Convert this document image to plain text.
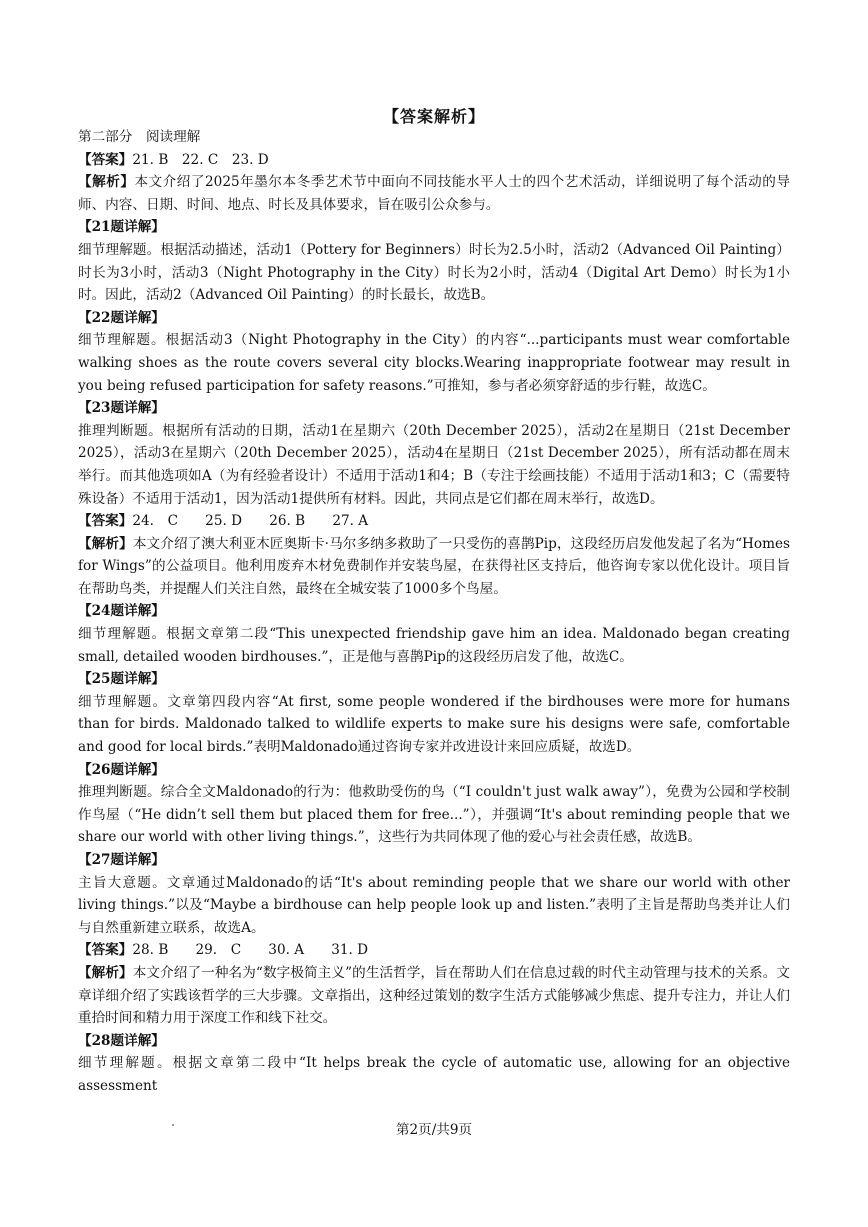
【答案解析】

第二部分　阅读理解

【答案】21. B　22. C　23. D

【解析】本文介绍了2025年墨尔本冬季艺术节中面向不同技能水平人士的四个艺术活动，详细说明了每个活动的导师、内容、日期、时间、地点、时长及具体要求，旨在吸引公众参与。

【21题详解】

细节理解题。根据活动描述，活动1（Pottery for Beginners）时长为2.5小时，活动2（Advanced Oil Painting）时长为3小时，活动3（Night Photography in the City）时长为2小时，活动4（Digital Art Demo）时长为1小时。因此，活动2（Advanced Oil Painting）的时长最长，故选B。

【22题详解】

细节理解题。根据活动3（Night Photography in the City）的内容“...participants must wear comfortable walking shoes as the route covers several city blocks.Wearing inappropriate footwear may result in you being refused participation for safety reasons.”可推知，参与者必须穿舒适的步行鞋，故选C。

【23题详解】

推理判断题。根据所有活动的日期，活动1在星期六（20th December 2025），活动2在星期日（21st December 2025），活动3在星期六（20th December 2025），活动4在星期日（21st December 2025），所有活动都在周末举行。而其他选项如A（为有经验者设计）不适用于活动1和4；B（专注于绘画技能）不适用于活动1和3；C（需要特殊设备）不适用于活动1，因为活动1提供所有材料。因此，共同点是它们都在周末举行，故选D。

【答案】24.　C　　25. D　　26. B　　27. A

【解析】本文介绍了澳大利亚木匠奥斯卡·马尔多纳多救助了一只受伤的喜鹊Pip，这段经历启发他发起了名为“Homes for Wings”的公益项目。他利用废弃木材免费制作并安装鸟屋，在获得社区支持后，他咨询专家以优化设计。项目旨在帮助鸟类，并提醒人们关注自然，最终在全城安装了1000多个鸟屋。

【24题详解】

细节理解题。根据文章第二段“This unexpected friendship gave him an idea. Maldonado began creating small, detailed wooden birdhouses.”，正是他与喜鹊Pip的这段经历启发了他，故选C。

【25题详解】

细节理解题。文章第四段内容“At first, some people wondered if the birdhouses were more for humans than for birds. Maldonado talked to wildlife experts to make sure his designs were safe, comfortable and good for local birds.”表明Maldonado通过咨询专家并改进设计来回应质疑，故选D。

【26题详解】

推理判断题。综合全文Maldonado的行为：他救助受伤的鸟（“I couldn't just walk away”），免费为公园和学校制作鸟屋（“He didn’t sell them but placed them for free...”），并强调“It's about reminding people that we share our world with other living things.”，这些行为共同体现了他的爱心与社会责任感，故选B。

【27题详解】

主旨大意题。文章通过Maldonado的话“It's about reminding people that we share our world with other living things.”以及“Maybe a birdhouse can help people look up and listen.”表明了主旨是帮助鸟类并让人们与自然重新建立联系，故选A。

【答案】28. B　　29.　C　　30. A　　31. D

【解析】本文介绍了一种名为“数字极简主义”的生活哲学，旨在帮助人们在信息过载的时代主动管理与技术的关系。文章详细介绍了实践该哲学的三大步骤。文章指出，这种经过策划的数字生活方式能够减少焦虑、提升专注力，并让人们重拾时间和精力用于深度工作和线下社交。

【28题详解】

细节理解题。根据文章第二段中“It helps break the cycle of automatic use, allowing for an objective assessment

第2页/共9页
